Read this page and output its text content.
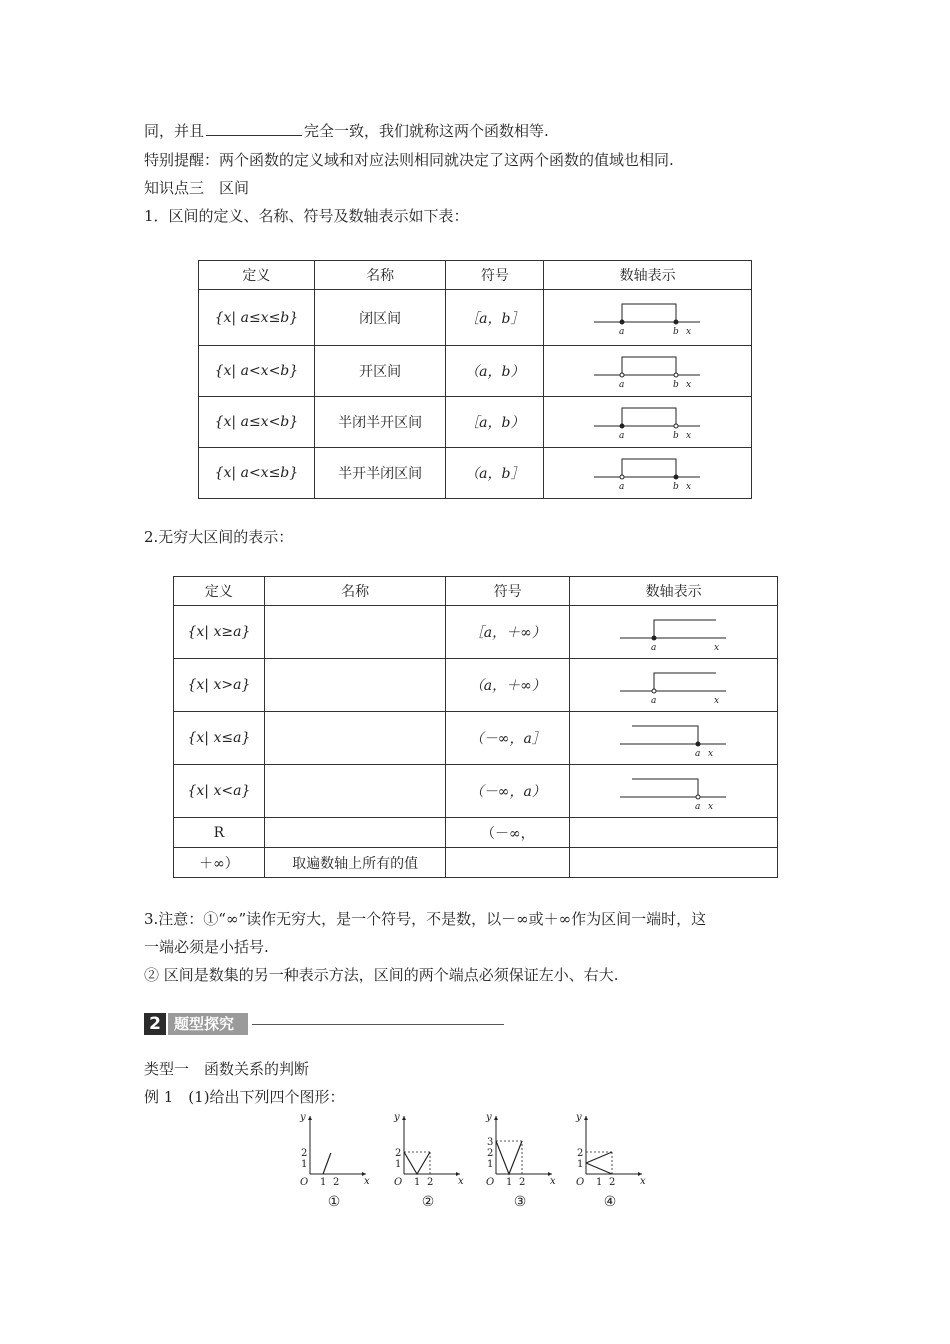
同，并且	完全一致，我们就称这两个函数相等.
特别提醒：两个函数的定义域和对应法则相同就决定了这两个函数的值域也相同.
知识点三　区间
1．区间的定义、名称、符号及数轴表示如下表：
定义	名称	符号	数轴表示
{x| a≤x≤b}	闭区间	［a，b］	a b x

{x| a<x<b}	开区间	（a，b）	a b x

{x| a≤x<b}	半闭半开区间	［a，b）	a b x

{x| a<x≤b}	半开半闭区间	（a，b］	a b x
2.无穷大区间的表示：
定义	名称	符号	数轴表示
{x| x≥a}		［a，＋∞）	a x

{x| x>a}		（a，＋∞）	a x

{x| x≤a}		（－∞，a］	a x

{x| x<a}		（－∞，a）	a x

R		（－∞，	
＋∞）	取遍数轴上所有的值		
3.注意：①“∞”读作无穷大，是一个符号，不是数，以－∞或＋∞作为区间一端时，这
一端必须是小括号.
② 区间是数集的另一种表示方法，区间的两个端点必须保证左小、右大.
2 题型探究
类型一　函数关系的判断
例 1　(1)给出下列四个图形：
y
x
O 1 2
2
1
①
y
x
O 1 2
2
1
②
y
x
O 1 2
3
2
1
③
y
x
O 1 2
2
1
④
